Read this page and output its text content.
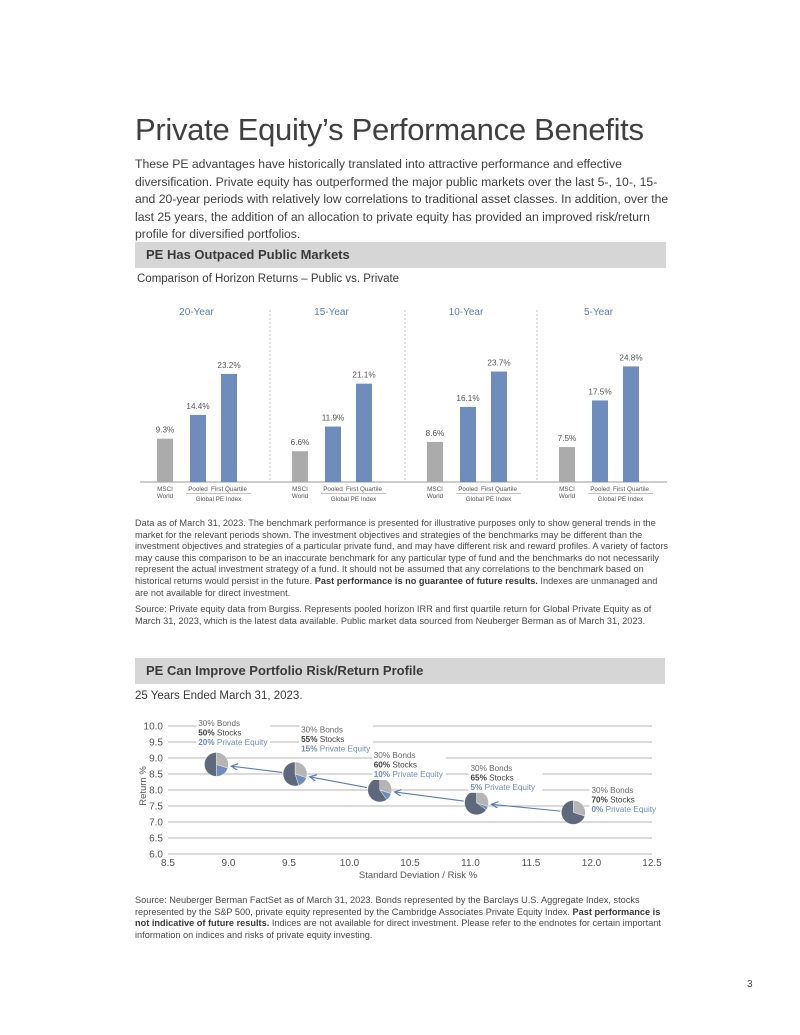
Private Equity’s Performance Benefits
These PE advantages have historically translated into attractive performance and effective diversification. Private equity has outperformed the major public markets over the last 5-, 10-, 15- and 20-year periods with relatively low correlations to traditional asset classes. In addition, over the last 25 years, the addition of an allocation to private equity has provided an improved risk/return profile for diversified portfolios.
PE Has Outpaced Public Markets
Comparison of Horizon Returns – Public vs. Private
20-Year
9.3%
14.4%
23.2%
MSCI
World
Pooled First Quartile
Global PE Index
15-Year
6.6%
11.9%
21.1%
MSCI
World
Pooled First Quartile
Global PE Index
10-Year
8.6%
16.1%
23.7%
MSCI
World
Pooled First Quartile
Global PE Index
5-Year
7.5%
17.5%
24.8%
MSCI
World
Pooled First Quartile
Global PE Index
Data as of March 31, 2023. The benchmark performance is presented for illustrative purposes only to show general trends in the market for the relevant periods shown. The investment objectives and strategies of the benchmarks may be different than the investment objectives and strategies of a particular private fund, and may have different risk and reward profiles. A variety of factors may cause this comparison to be an inaccurate benchmark for any particular type of fund and the benchmarks do not necessarily represent the actual investment strategy of a fund. It should not be assumed that any correlations to the benchmark based on historical returns would persist in the future. Past performance is no guarantee of future results. Indexes are unmanaged and are not available for direct investment.
Source: Private equity data from Burgiss. Represents pooled horizon IRR and first quartile return for Global Private Equity as of March 31, 2023, which is the latest data available. Public market data sourced from Neuberger Berman as of March 31, 2023.
PE Can Improve Portfolio Risk/Return Profile
25 Years Ended March 31, 2023.
10.0
9.5
9.0
8.5
8.0
7.5
7.0
6.5
6.0
8.5	9.0	9.5	10.0	10.5	11.0	11.5	12.0	12.5
Standard Deviation / Risk %
Return %
30% Bonds
50% Stocks
20% Private Equity
30% Bonds
55% Stocks
15% Private Equity
30% Bonds
60% Stocks
10% Private Equity
30% Bonds
65% Stocks
5% Private Equity	30% Bonds
70% Stocks
0% Private Equity
Source: Neuberger Berman FactSet as of March 31, 2023. Bonds represented by the Barclays U.S. Aggregate Index, stocks represented by the S&P 500, private equity represented by the Cambridge Associates Private Equity Index. Past performance is not indicative of future results. Indices are not available for direct investment. Please refer to the endnotes for certain important information on indices and risks of private equity investing.
3
